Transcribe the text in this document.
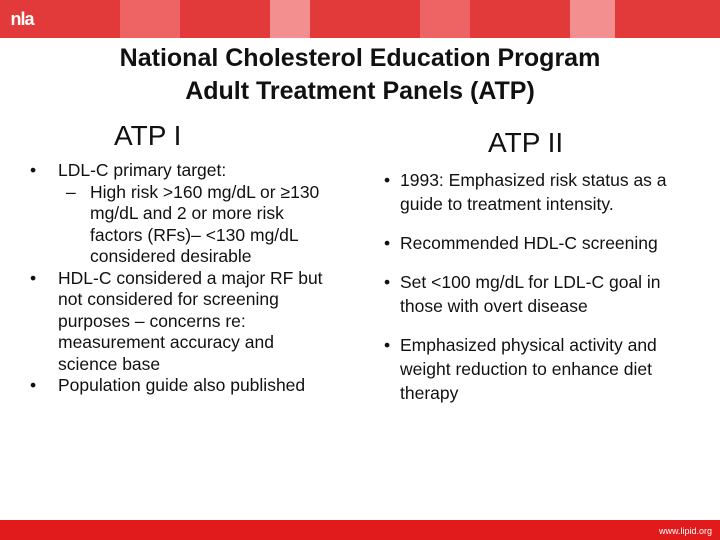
nla
National Cholesterol Education Program
Adult Treatment Panels (ATP)
ATP I	ATP II
• LDL-C primary target:
– High risk >160 mg/dL or ≥130 mg/dL and 2 or more risk factors (RFs)– <130 mg/dL considered desirable
• HDL-C considered a major RF but not considered for screening purposes – concerns re: measurement accuracy and science base
• Population guide also published
• 1993: Emphasized risk status as a guide to treatment intensity.
• Recommended HDL-C screening
• Set <100 mg/dL for LDL-C goal in those with overt disease
• Emphasized physical activity and weight reduction to enhance diet therapy
www.lipid.org
